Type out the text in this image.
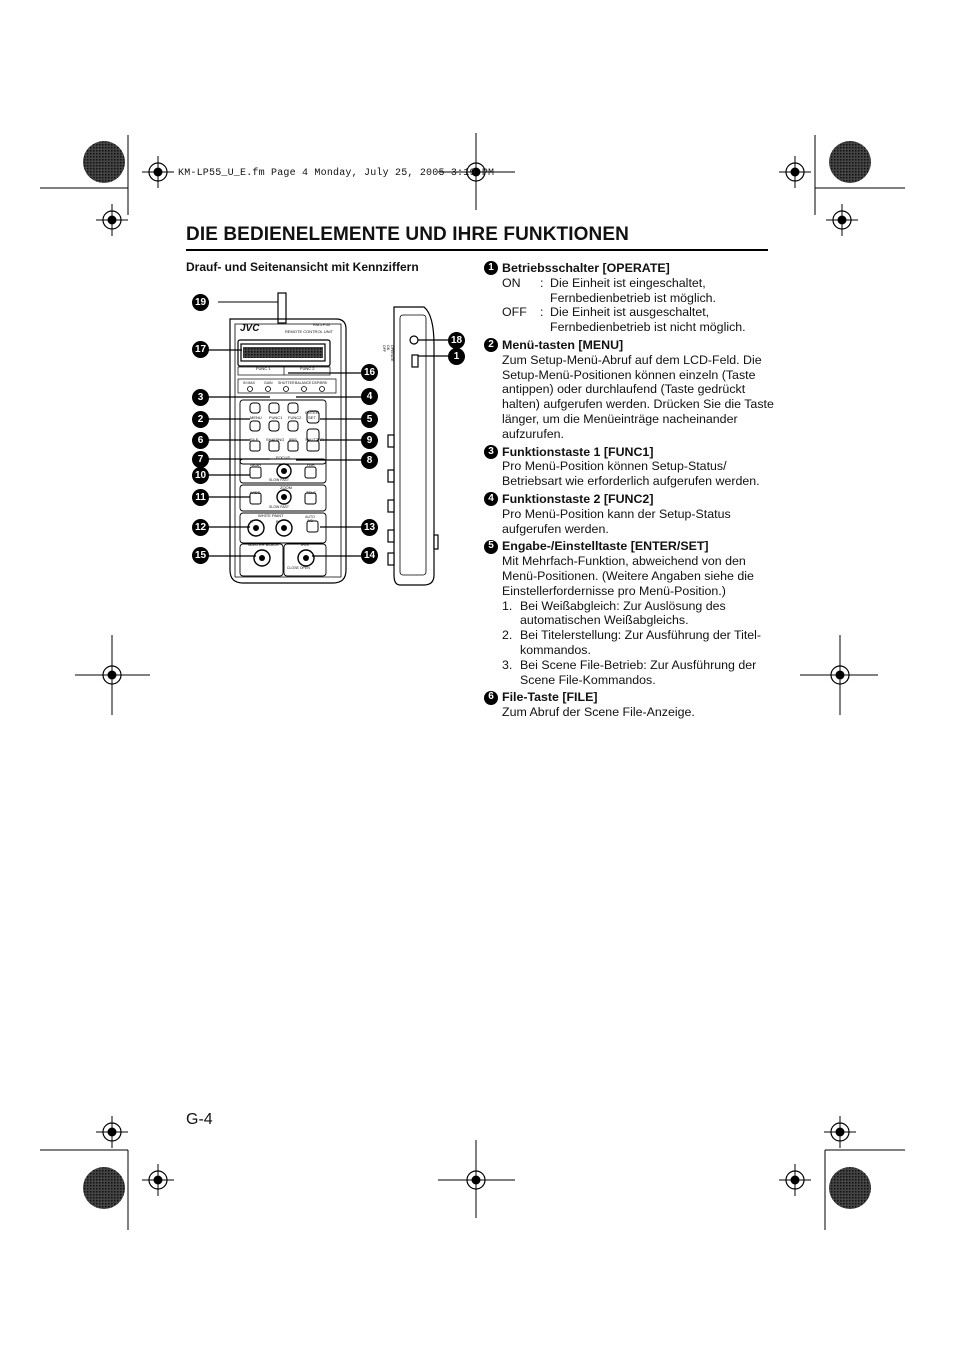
KM-LP55_U_E.fm Page 4 Monday, July 25, 2005 3:19 PM
DIE BEDIENELEMENTE UND IHRE FUNKTIONEN
Drauf- und Seitenansicht mit Kennziffern
JVC	RM-LP55
REMOTE CONTROL UNIT
FUNC 1	FUNC 2
IN MAX	GAIN SHUTTER BALANCE DSP/BRK
MENU FUNC1 FUNC2
ENTER SET
FILE SHADING IRIS SHUTTER
FOCUS
NEAR	FAR
SLOW FAST
ZOOM
WIDE	TELE
SLOW FAST
WHITE PAINT
R	B
AUTO WB
MASTER BLACK	IRIS
CLOSE OPEN
OPERATE ON OFF
19
17
3
2
6
7
10
11
12
15
16
4
5
9
8
13
14
18
1
1 Betriebsschalter [OPERATE]
ON	: Die Einheit ist eingeschaltet, Fernbedienbetrieb ist möglich.
OFF	: Die Einheit ist ausgeschaltet, Fernbedienbetrieb ist nicht möglich.
2 Menü-tasten [MENU]
Zum Setup-Menü-Abruf auf dem LCD-Feld. Die Setup-Menü-Positionen können einzeln (Taste antippen) oder durchlaufend (Taste gedrückt halten) aufgerufen werden. Drücken Sie die Taste länger, um die Menüeinträge nacheinander aufzurufen.
3 Funktionstaste 1 [FUNC1]
Pro Menü-Position können Setup-Status/ Betriebsart wie erforderlich aufgerufen werden.
4 Funktionstaste 2 [FUNC2]
Pro Menü-Position kann der Setup-Status aufgerufen werden.
5 Engabe-/Einstelltaste [ENTER/SET]
Mit Mehrfach-Funktion, abweichend von den Menü-Positionen. (Weitere Angaben siehe die Einstellerfordernisse pro Menü-Position.)
1. Bei Weißabgleich: Zur Auslösung des automatischen Weißabgleichs.
2. Bei Titelerstellung: Zur Ausführung der Titel-kommandos.
3. Bei Scene File-Betrieb: Zur Ausführung der Scene File-Kommandos.
6 File-Taste [FILE]
Zum Abruf der Scene File-Anzeige.
G-4
